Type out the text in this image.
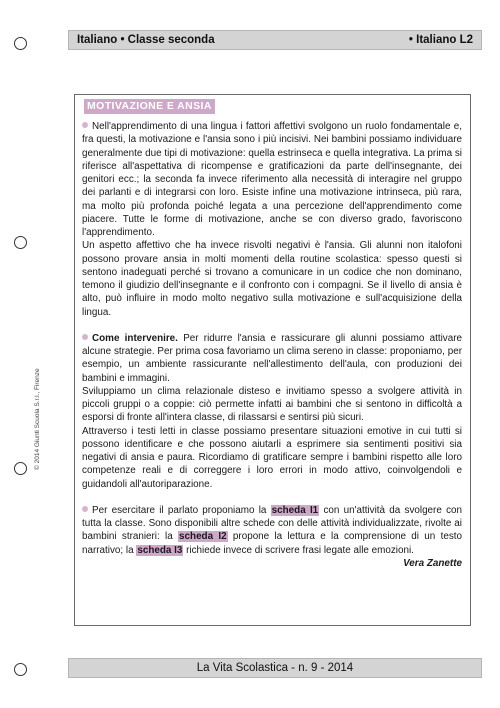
Italiano • Classe seconda	• Italiano L2
MOTIVAZIONE E ANSIA

Nell'apprendimento di una lingua i fattori affettivi svolgono un ruolo fondamentale e, fra questi, la motivazione e l'ansia sono i più incisivi. Nei bambini possiamo individuare generalmente due tipi di motivazione: quella estrinseca e quella integrativa. La prima si riferisce all'aspettativa di ricompense e gratificazioni da parte dell'insegnante, dei genitori ecc.; la seconda fa invece riferimento alla necessità di interagire nel gruppo dei parlanti e di integrarsi con loro. Esiste infine una motivazione intrinseca, più rara, ma molto più profonda poiché legata a una percezione dell'apprendimento come piacere. Tutte le forme di motivazione, anche se con diverso grado, favoriscono l'apprendimento.

Un aspetto affettivo che ha invece risvolti negativi è l'ansia. Gli alunni non italofoni possono provare ansia in molti momenti della routine scolastica: spesso questi si sentono inadeguati perché si trovano a comunicare in un codice che non dominano, temono il giudizio dell'insegnante e il confronto con i compagni. Se il livello di ansia è alto, può influire in modo molto negativo sulla motivazione e sull'acquisizione della lingua.

Come intervenire. Per ridurre l'ansia e rassicurare gli alunni possiamo attivare alcune strategie. Per prima cosa favoriamo un clima sereno in classe: proponiamo, per esempio, un ambiente rassicurante nell'allestimento dell'aula, con produzioni dei bambini e immagini.

Sviluppiamo un clima relazionale disteso e invitiamo spesso a svolgere attività in piccoli gruppi o a coppie: ciò permette infatti ai bambini che si sentono in difficoltà a esporsi di fronte all'intera classe, di rilassarsi e sentirsi più sicuri.

Attraverso i testi letti in classe possiamo presentare situazioni emotive in cui tutti si possono identificare e che possono aiutarli a esprimere sia sentimenti positivi sia negativi di ansia e paura. Ricordiamo di gratificare sempre i bambini rispetto alle loro competenze reali e di correggere i loro errori in modo attivo, coinvolgendoli e guidandoli all'autoriparazione.

Per esercitare il parlato proponiamo la scheda I1 con un'attività da svolgere con tutta la classe. Sono disponibili altre schede con delle attività individualizzate, rivolte ai bambini stranieri: la scheda I2 propone la lettura e la comprensione di un testo narrativo; la scheda I3 richiede invece di scrivere frasi legate alle emozioni.

Vera Zanette

© 2014 Giunti Scuola S.r.l., Firenze
La Vita Scolastica - n. 9 - 2014
